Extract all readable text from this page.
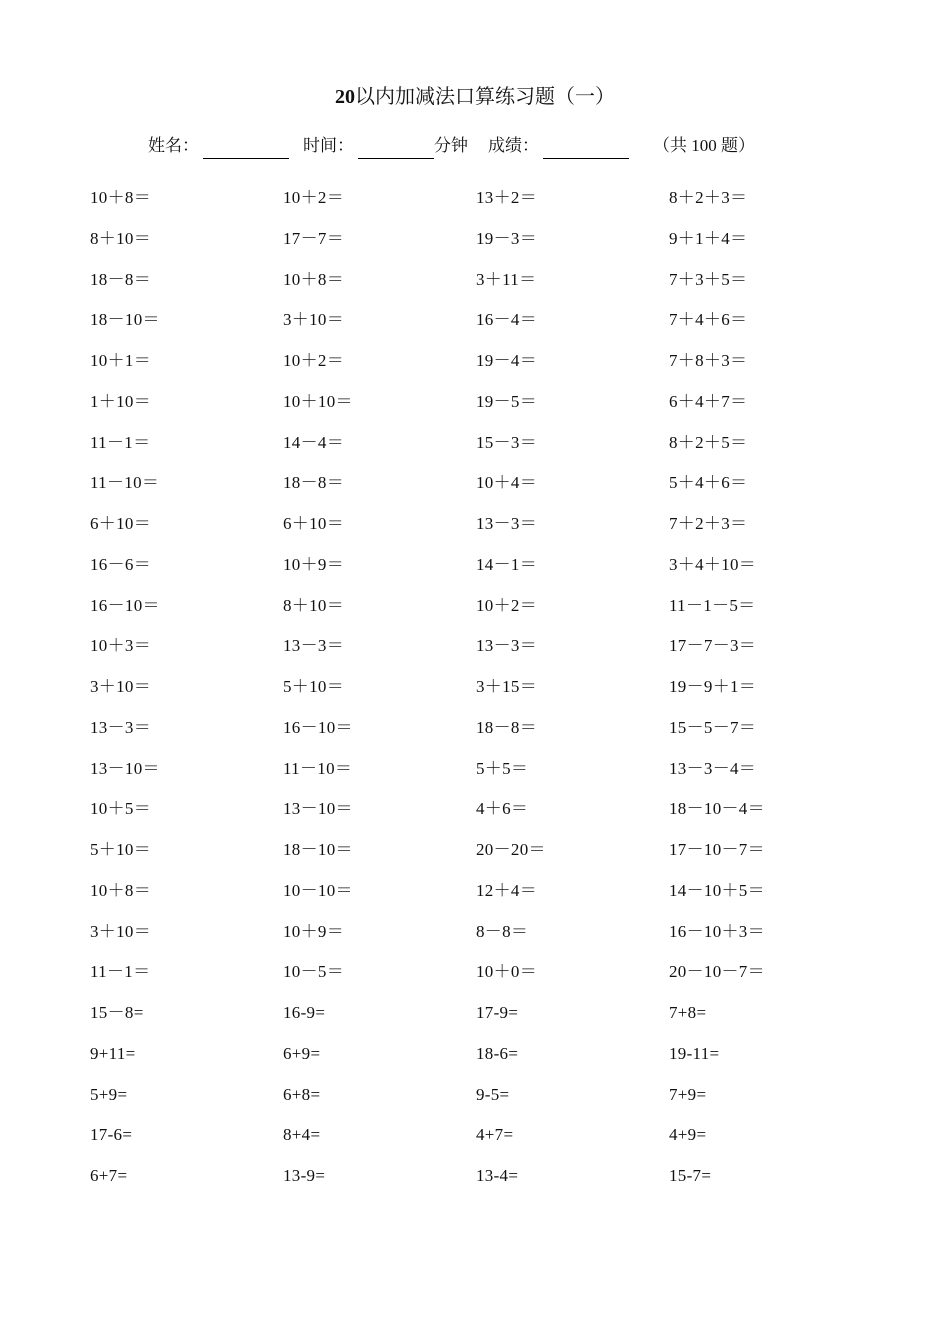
20以内加减法口算练习题（一）
姓名：	时间：	分钟 成绩：	（共 100 题）
10＋8＝	10＋2＝	13＋2＝	8＋2＋3＝
8＋10＝	17－7＝	19－3＝	9＋1＋4＝
18－8＝	10＋8＝	3＋11＝	7＋3＋5＝
18－10＝	3＋10＝	16－4＝	7＋4＋6＝
10＋1＝	10＋2＝	19－4＝	7＋8＋3＝
1＋10＝	10＋10＝	19－5＝	6＋4＋7＝
11－1＝	14－4＝	15－3＝	8＋2＋5＝
11－10＝	18－8＝	10＋4＝	5＋4＋6＝
6＋10＝	6＋10＝	13－3＝	7＋2＋3＝
16－6＝	10＋9＝	14－1＝	3＋4＋10＝
16－10＝	8＋10＝	10＋2＝	11－1－5＝
10＋3＝	13－3＝	13－3＝	17－7－3＝
3＋10＝	5＋10＝	3＋15＝	19－9＋1＝
13－3＝	16－10＝	18－8＝	15－5－7＝
13－10＝	11－10＝	5＋5＝	13－3－4＝
10＋5＝	13－10＝	4＋6＝	18－10－4＝
5＋10＝	18－10＝	20－20＝	17－10－7＝
10＋8＝	10－10＝	12＋4＝	14－10＋5＝
3＋10＝	10＋9＝	8－8＝	16－10＋3＝
11－1＝	10－5＝	10＋0＝	20－10－7＝
15－8=	16-9=	17-9=	7+8=
9+11=	6+9=	18-6=	19-11=
5+9=	6+8=	9-5=	7+9=
17-6=	8+4=	4+7=	4+9=
6+7=	13-9=	13-4=	15-7=
